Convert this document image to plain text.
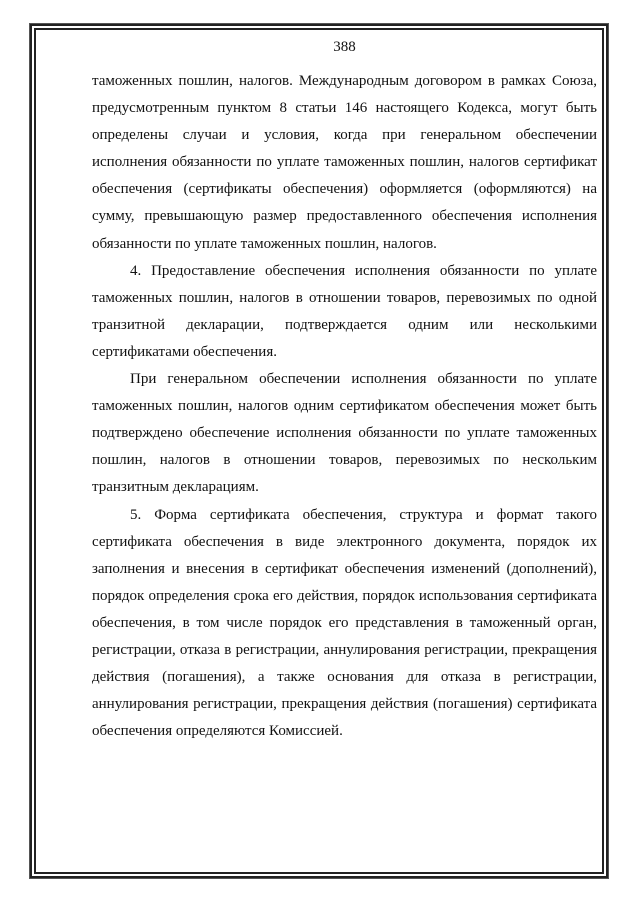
388

таможенных пошлин, налогов. Международным договором в рамках Союза, предусмотренным пунктом 8 статьи 146 настоящего Кодекса, могут быть определены случаи и условия, когда при генеральном обеспечении исполнения обязанности по уплате таможенных пошлин, налогов сертификат обеспечения (сертификаты обеспечения) оформляется (оформляются) на сумму, превышающую размер предоставленного обеспечения исполнения обязанности по уплате таможенных пошлин, налогов.

4. Предоставление обеспечения исполнения обязанности по уплате таможенных пошлин, налогов в отношении товаров, перевозимых по одной транзитной декларации, подтверждается одним или несколькими сертификатами обеспечения.

При генеральном обеспечении исполнения обязанности по уплате таможенных пошлин, налогов одним сертификатом обеспечения может быть подтверждено обеспечение исполнения обязанности по уплате таможенных пошлин, налогов в отношении товаров, перевозимых по нескольким транзитным декларациям.

5. Форма сертификата обеспечения, структура и формат такого сертификата обеспечения в виде электронного документа, порядок их заполнения и внесения в сертификат обеспечения изменений (дополнений), порядок определения срока его действия, порядок использования сертификата обеспечения, в том числе порядок его представления в таможенный орган, регистрации, отказа в регистрации, аннулирования регистрации, прекращения действия (погашения), а также основания для отказа в регистрации, аннулирования регистрации, прекращения действия (погашения) сертификата обеспечения определяются Комиссией.
